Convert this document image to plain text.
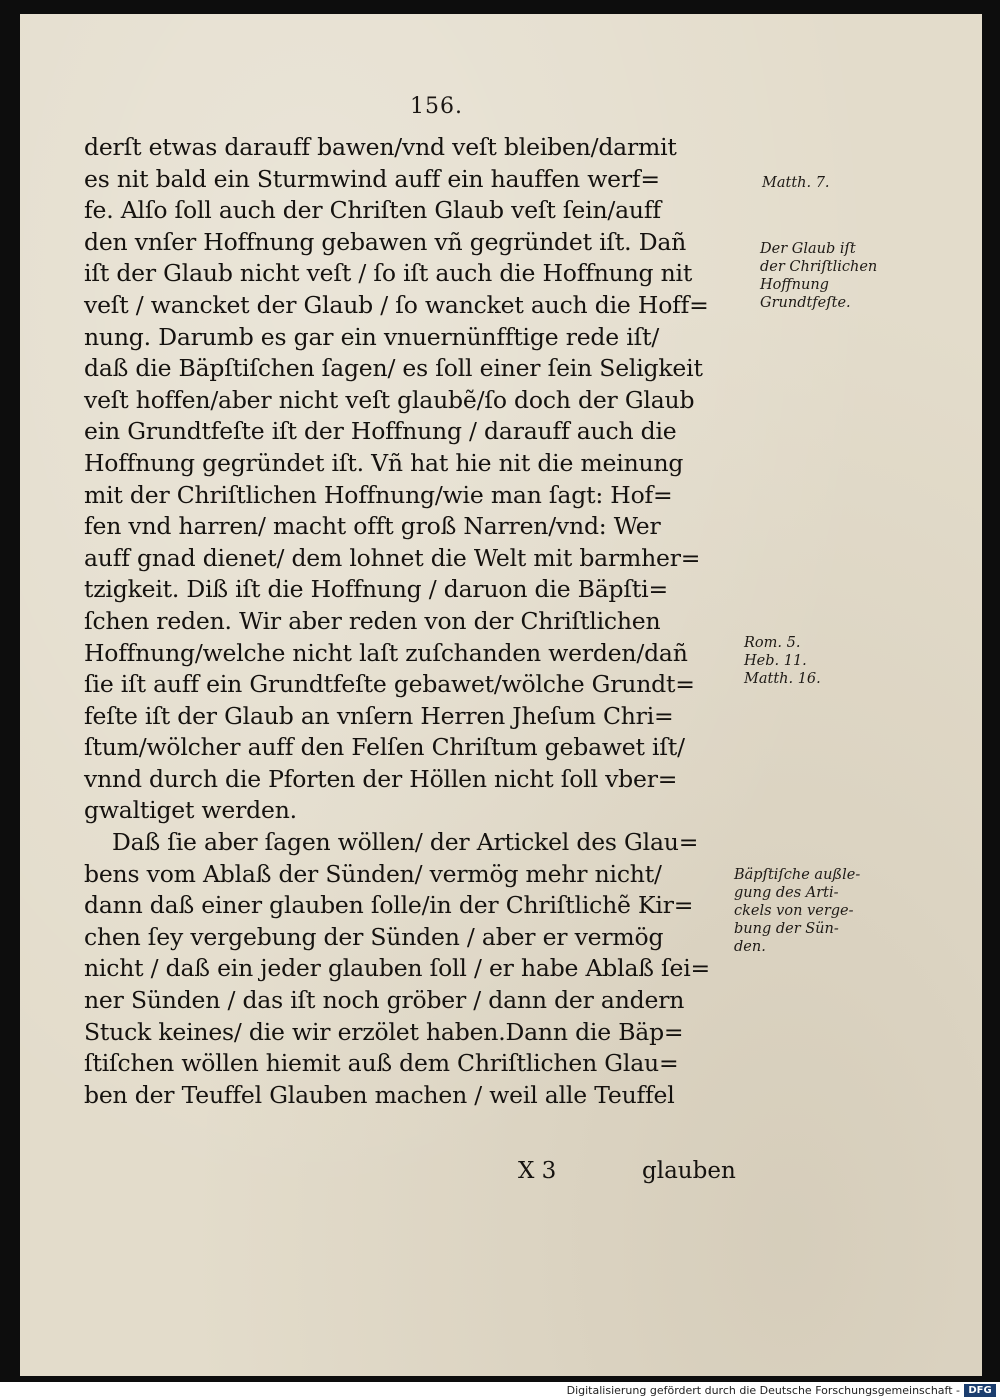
156.
derſt etwas darauff bawen/vnd veſt bleiben/darmit
es nit bald ein Sturmwind auff ein hauffen werf=
fe. Alſo ſoll auch der Chriſten Glaub veſt ſein/auff
den vnſer Hoffnung gebawen vñ gegründet iſt. Dañ
iſt der Glaub nicht veſt / ſo iſt auch die Hoffnung nit
veſt / wancket der Glaub / ſo wancket auch die Hoff=
nung. Darumb es gar ein vnuernünfftige rede iſt/
daß die Bäpſtiſchen ſagen/ es ſoll einer ſein Seligkeit
veſt hoffen/aber nicht veſt glaubẽ/ſo doch der Glaub
ein Grundtfeſte iſt der Hoffnung / darauff auch die
Hoffnung gegründet iſt. Vñ hat hie nit die meinung
mit der Chriſtlichen Hoffnung/wie man ſagt: Hof=
fen vnd harren/ macht offt groß Narren/vnd: Wer
auff gnad dienet/ dem lohnet die Welt mit barmher=
tzigkeit. Diß iſt die Hoffnung / daruon die Bäpſti=
ſchen reden. Wir aber reden von der Chriſtlichen
Hoffnung/welche nicht laſt zuſchanden werden/dañ
ſie iſt auff ein Grundtfeſte gebawet/wölche Grundt=
feſte iſt der Glaub an vnſern Herren Jheſum Chri=
ſtum/wölcher auff den Felſen Chriſtum gebawet iſt/
vnnd durch die Pforten der Höllen nicht ſoll vber=
gwaltiget werden.
Daß ſie aber ſagen wöllen/ der Artickel des Glau=
bens vom Ablaß der Sünden/ vermög mehr nicht/
dann daß einer glauben ſolle/in der Chriſtlichẽ Kir=
chen ſey vergebung der Sünden / aber er vermög
nicht / daß ein jeder glauben ſoll / er habe Ablaß ſei=
ner Sünden / das iſt noch gröber / dann der andern
Stuck keines/ die wir erzölet haben.Dann die Bäp=
ſtiſchen wöllen hiemit auß dem Chriſtlichen Glau=
ben der Teuffel Glauben machen / weil alle Teuffel
Matth. 7.
Der Glaub iſt
der Chriſtlichen
Hoffnung
Grundtfeſte.
Rom. 5.
Heb. 11.
Matth. 16.
Bäpſtiſche außle-
gung des Arti-
ckels von verge-
bung der Sün-
den.
X 3	glauben
Digitalisierung gefördert durch die Deutsche Forschungsgemeinschaft - DFG
